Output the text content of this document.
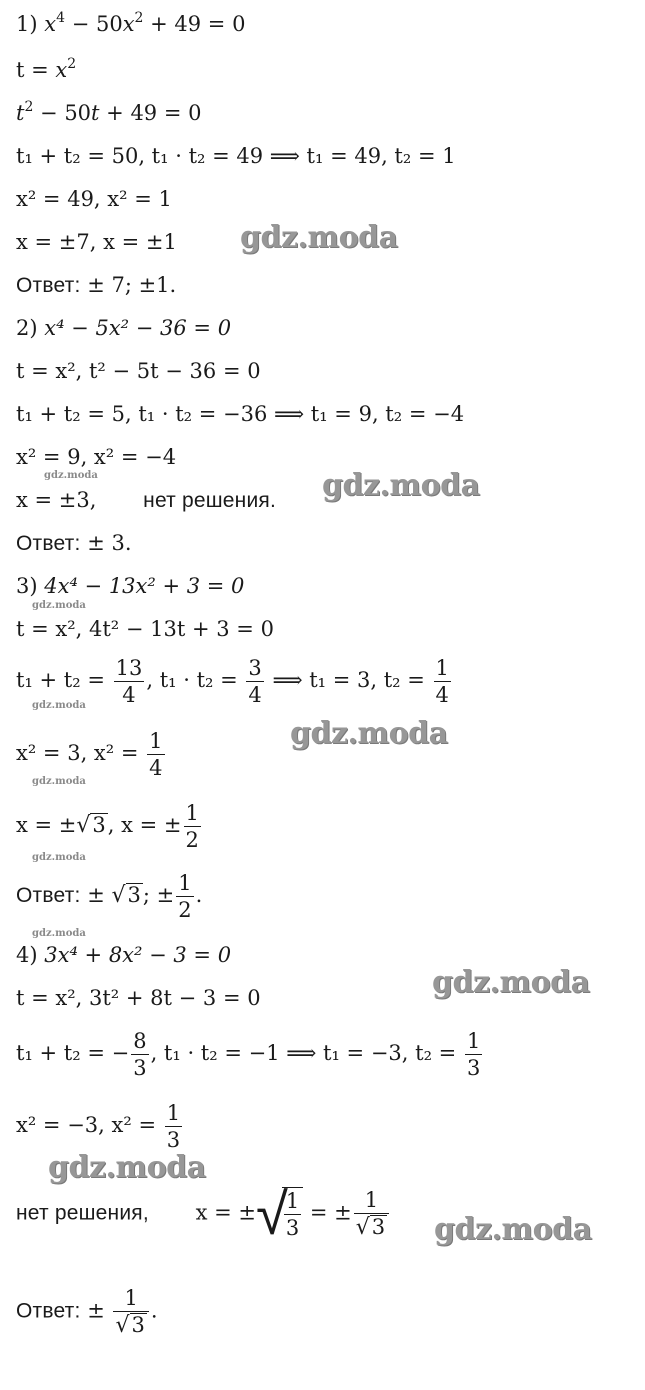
1) $x^4 - 50x^2 + 49 = 0$
$t = x^2$
$t^2 - 50t + 49 = 0$
t₁ + t₂ = 50, t₁ · t₂ = 49 ⟹ t₁ = 49, t₂ = 1
x² = 49, x² = 1
x = ±7, x = ±1
Ответ: ± 7; ±1.
2) x⁴ − 5x² − 36 = 0
t = x², t² − 5t − 36 = 0
t₁ + t₂ = 5, t₁ · t₂ = −36 ⟹ t₁ = 9, t₂ = −4
x² = 9, x² = −4
x = ±3, нет решения.
Ответ: ± 3.
3) 4x⁴ − 13x² + 3 = 0
t = x², 4t² − 13t + 3 = 0
$t_1 + t_2 = \frac{13}{4}$ , $t_1 \cdot t_2 = \frac{3}{4}$ ⟹ t₁ = 3, $t_2 = \frac{1}{4}$
x² = 3, $x^2 = \frac{1}{4}$
x = ±√3, x = ± $\frac{1}{2}$
Ответ: ± √3; ± $\frac{1}{2}$ .
4) 3x⁴ + 8x² − 3 = 0
t = x², 3t² + 8t − 3 = 0
t₁ + t₂ = − $\frac{8}{3}$ , t₁ · t₂ = −1 ⟹ t₁ = −3, $t_2 = \frac{1}{3}$
x² = −3, $x^2 = \frac{1}{3}$
нет решения, x = ±√
$\frac{1}{3}$ = ± $\frac{1}{√3}$
Ответ: ± $\frac{1}{√3}$ .
gdz.moda
gdz.moda
gdz.moda
gdz.moda
gdz.moda
gdz.moda
gdz.moda
gdz.moda
gdz.moda
gdz.moda
gdz.moda
gdz.moda
